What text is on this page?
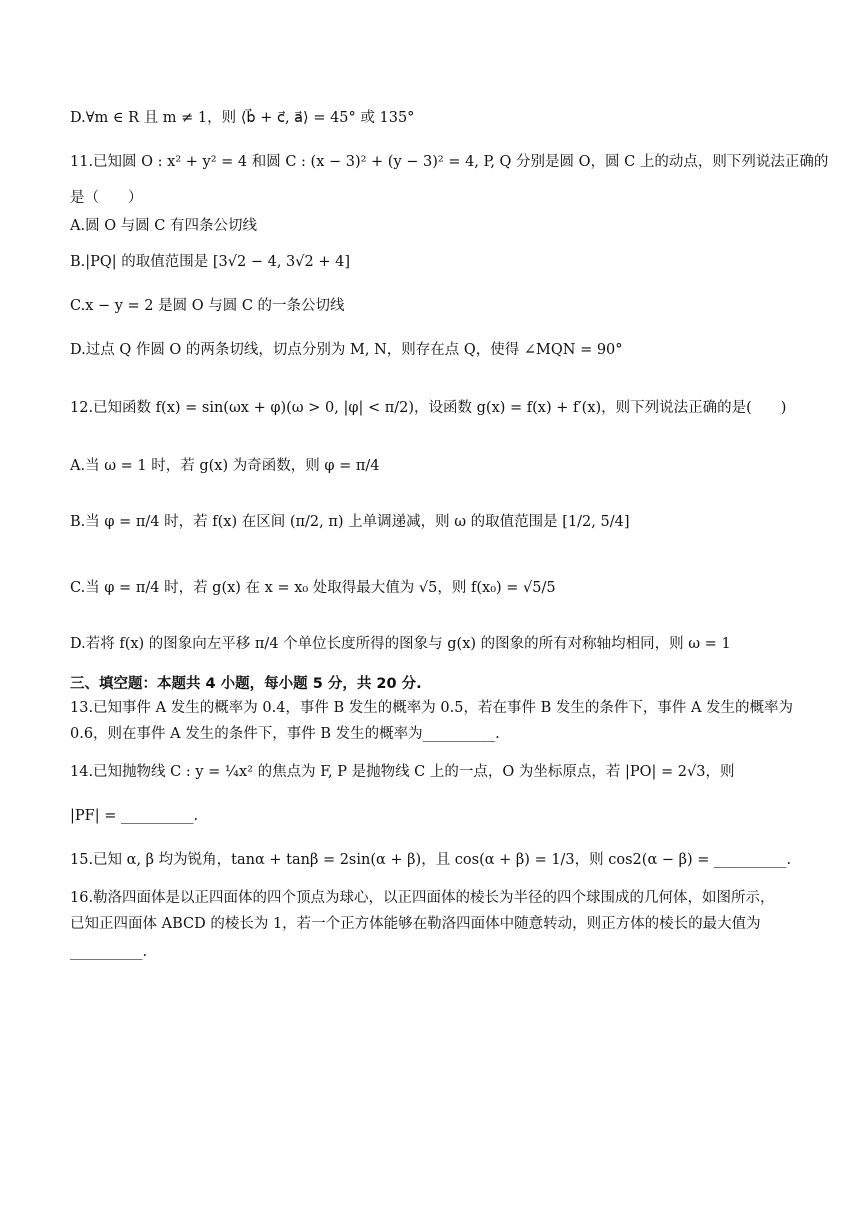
D.∀m ∈ R 且 m ≠ 1，则 ⟨b⃗ + c⃗, a⃗⟩ = 45° 或 135°
11.已知圆 O : x² + y² = 4 和圆 C : (x − 3)² + (y − 3)² = 4, P, Q 分别是圆 O，圆 C 上的动点，则下列说法正确的
是（　　）
A.圆 O 与圆 C 有四条公切线
B.|PQ| 的取值范围是 [3√2 − 4, 3√2 + 4]
C.x − y = 2 是圆 O 与圆 C 的一条公切线
D.过点 Q 作圆 O 的两条切线，切点分别为 M, N，则存在点 Q，使得 ∠MQN = 90°
12.已知函数 f(x) = sin(ωx + φ)(ω > 0, |φ| < π/2)，设函数 g(x) = f(x) + f′(x)，则下列说法正确的是(　　)
A.当 ω = 1 时，若 g(x) 为奇函数，则 φ = π/4
B.当 φ = π/4 时，若 f(x) 在区间 (π/2, π) 上单调递减，则 ω 的取值范围是 [1/2, 5/4]
C.当 φ = π/4 时，若 g(x) 在 x = x₀ 处取得最大值为 √5，则 f(x₀) = √5/5
D.若将 f(x) 的图象向左平移 π/4 个单位长度所得的图象与 g(x) 的图象的所有对称轴均相同，则 ω = 1
三、填空题：本题共 4 小题，每小题 5 分，共 20 分.
13.已知事件 A 发生的概率为 0.4，事件 B 发生的概率为 0.5，若在事件 B 发生的条件下，事件 A 发生的概率为
0.6，则在事件 A 发生的条件下，事件 B 发生的概率为__________.
14.已知抛物线 C : y = ¼x² 的焦点为 F, P 是抛物线 C 上的一点，O 为坐标原点，若 |PO| = 2√3，则
|PF| = __________.
15.已知 α, β 均为锐角，tanα + tanβ = 2sin(α + β)，且 cos(α + β) = 1/3，则 cos2(α − β) = __________.
16.勒洛四面体是以正四面体的四个顶点为球心，以正四面体的棱长为半径的四个球围成的几何体，如图所示，
已知正四面体 ABCD 的棱长为 1，若一个正方体能够在勒洛四面体中随意转动，则正方体的棱长的最大值为
__________.
